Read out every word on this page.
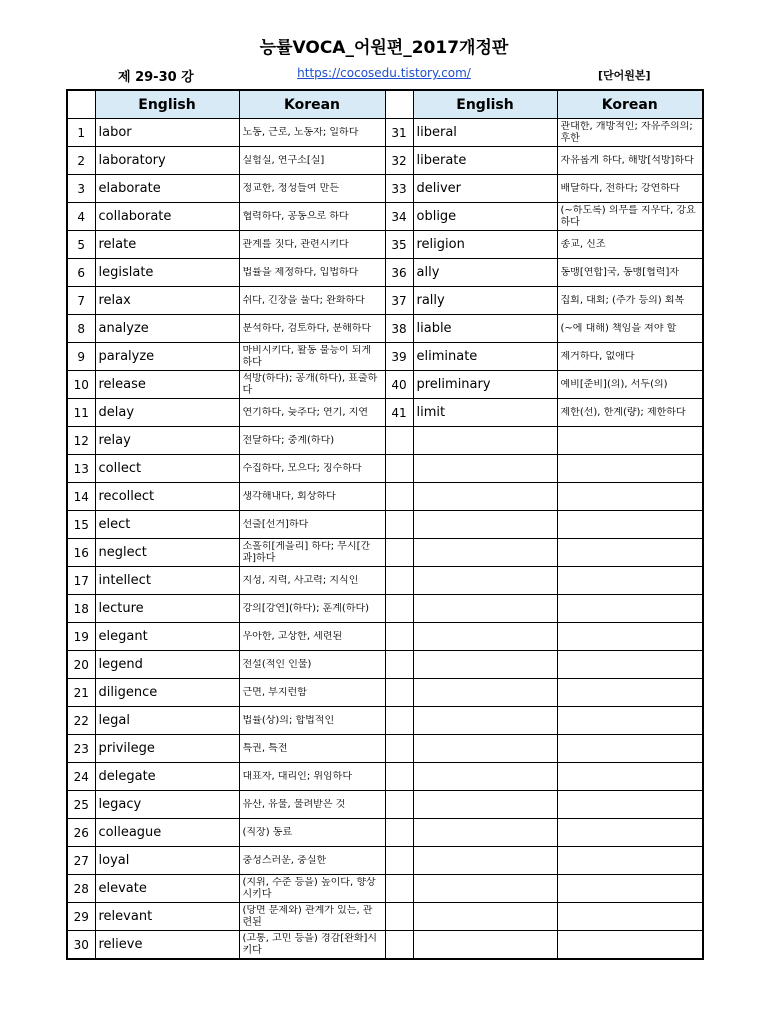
능률VOCA_어원편_2017개정판
제 29-30 강	https://cocosedu.tistory.com/	[단어원본]
	English	Korean		English	Korean
1	labor	노동, 근로, 노동자; 일하다	31	liberal	관대한, 개방적인; 자유주의의; 후한

2	laboratory	실험실, 연구소[실]	32	liberate	자유롭게 하다, 해방[석방]하다

3	elaborate	정교한, 정성들여 만든	33	deliver	배달하다, 전하다; 강연하다

4	collaborate	협력하다, 공동으로 하다	34	oblige	(~하도록) 의무를 지우다, 강요하다

5	relate	관계를 짓다, 관련시키다	35	religion	종교, 신조

6	legislate	법률을 제정하다, 입법하다	36	ally	동맹[연합]국, 동맹[협력]자

7	relax	쉬다, 긴장을 풀다; 완화하다	37	rally	집회, 대회; (주가 등의) 회복

8	analyze	분석하다, 검토하다, 분해하다	38	liable	(~에 대해) 책임을 져야 할

9	paralyze	마비시키다, 활동 불능이 되게 하다	39	eliminate	제거하다, 없애다

10	release	석방(하다); 공개(하다), 표출하다	40	preliminary	예비[준비](의), 서두(의)

11	delay	연기하다, 늦추다; 연기, 지연	41	limit	제한(선), 한계(량); 제한하다

12	relay	전달하다; 중계(하다)			

13	collect	수집하다, 모으다; 징수하다			

14	recollect	생각해내다, 회상하다			

15	elect	선출[선거]하다			

16	neglect	소홀히[게을리] 하다; 무시[간과]하다			

17	intellect	지성, 지력, 사고력; 지식인			

18	lecture	강의[강연](하다); 훈계(하다)			

19	elegant	우아한, 고상한, 세련된			

20	legend	전설(적인 인물)			

21	diligence	근면, 부지런함			

22	legal	법률(상)의; 합법적인			

23	privilege	특권, 특전			

24	delegate	대표자, 대리인; 위임하다			

25	legacy	유산, 유물, 물려받은 것			

26	colleague	(직장) 동료			

27	loyal	충성스러운, 충실한			

28	elevate	(지위, 수준 등을) 높이다, 향상시키다			

29	relevant	(당면 문제와) 관계가 있는, 관련된			

30	relieve	(고통, 고민 등을) 경감[완화]시키다			
